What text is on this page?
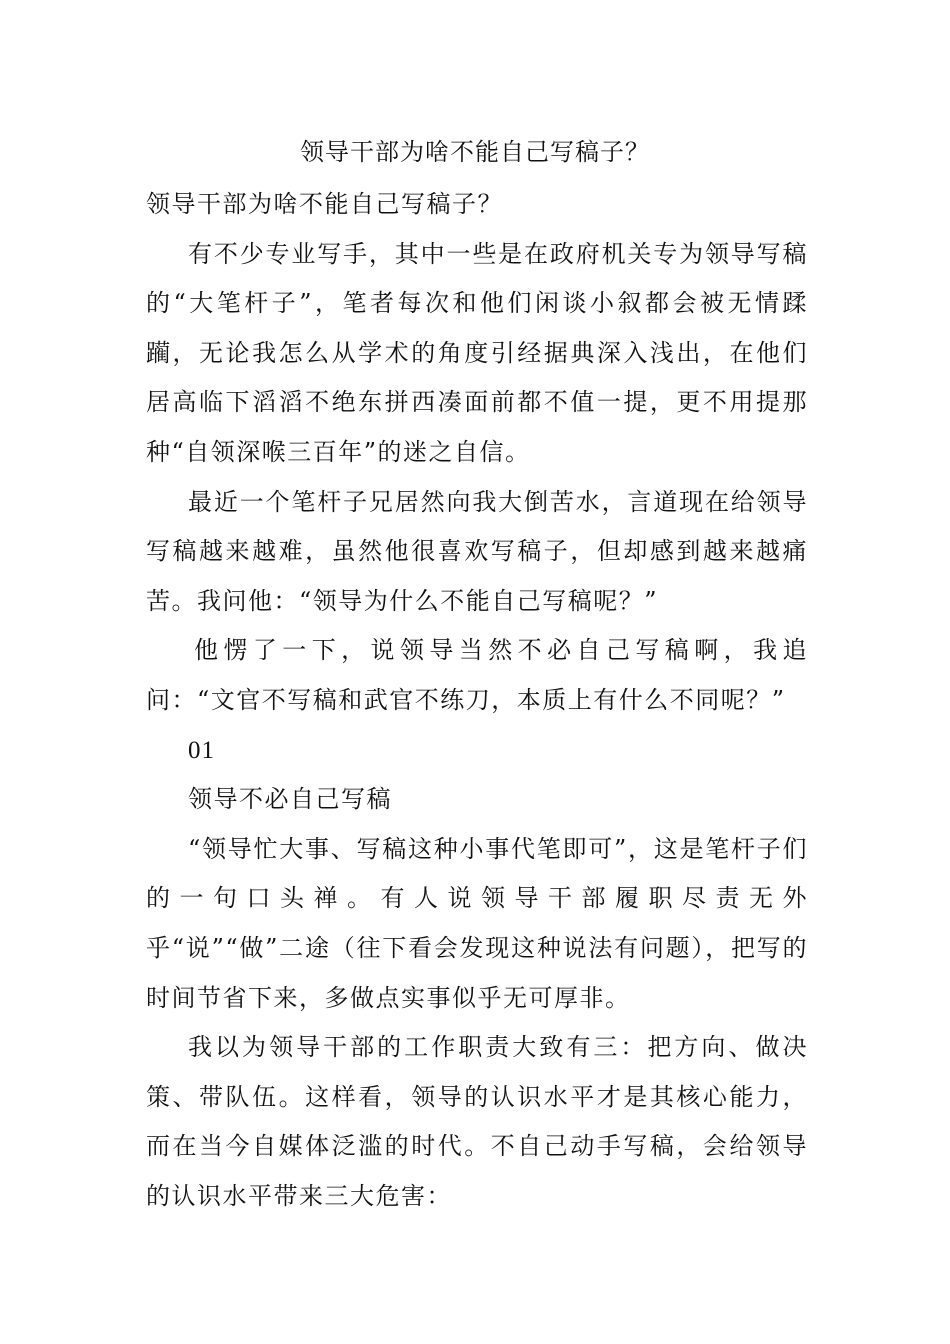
领导干部为啥不能自己写稿子？

领导干部为啥不能自己写稿子？

有不少专业写手，其中一些是在政府机关专为领导写稿的“大笔杆子”，笔者每次和他们闲谈小叙都会被无情蹂躏，无论我怎么从学术的角度引经据典深入浅出，在他们居高临下滔滔不绝东拼西凑面前都不值一提，更不用提那种“自领深喉三百年”的迷之自信。

最近一个笔杆子兄居然向我大倒苦水，言道现在给领导写稿越来越难，虽然他很喜欢写稿子，但却感到越来越痛苦。我问他：“领导为什么不能自己写稿呢？”

他愣了一下，说领导当然不必自己写稿啊，我追问：“文官不写稿和武官不练刀，本质上有什么不同呢？”

01

领导不必自己写稿

“领导忙大事、写稿这种小事代笔即可”，这是笔杆子们的一句口头禅。有人说领导干部履职尽责无外乎“说”“做”二途（往下看会发现这种说法有问题），把写的时间节省下来，多做点实事似乎无可厚非。

我以为领导干部的工作职责大致有三：把方向、做决策、带队伍。这样看，领导的认识水平才是其核心能力，而在当今自媒体泛滥的时代。不自己动手写稿，会给领导的认识水平带来三大危害：
